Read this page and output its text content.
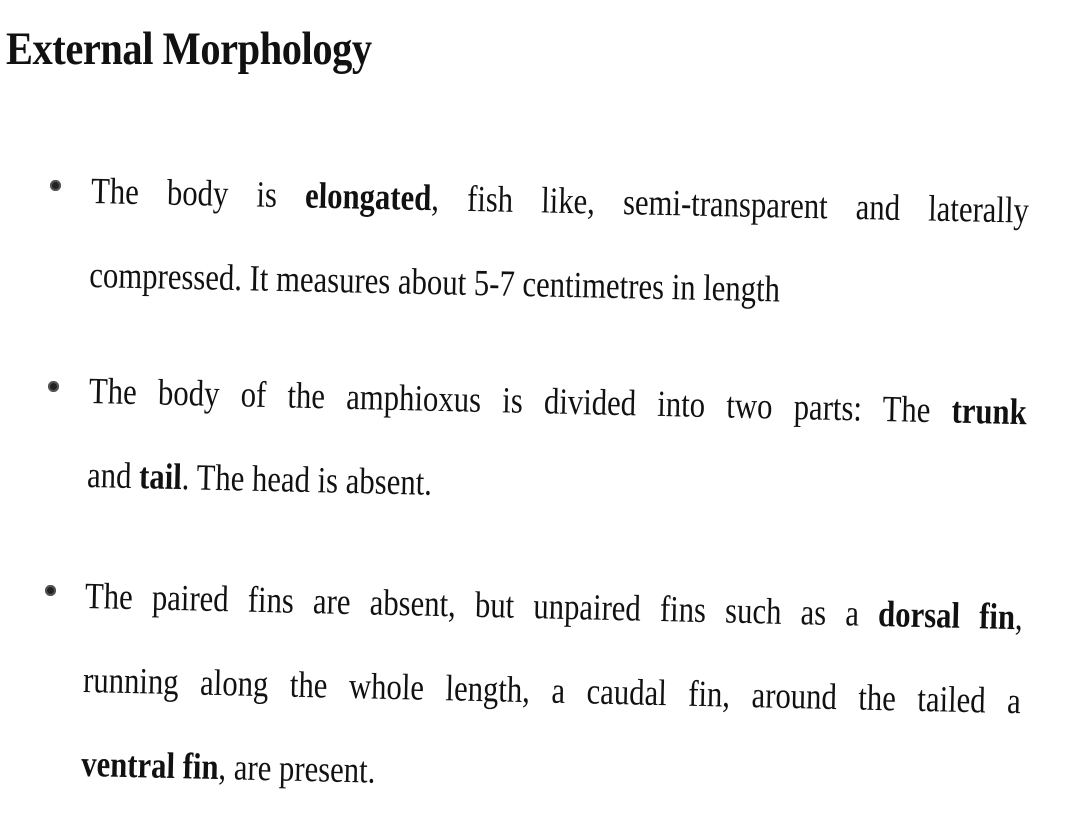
External Morphology
The body is elongated, fish like, semi-transparent and laterally
compressed. It measures about 5-7 centimetres in length
The body of the amphioxus is divided into two parts: The trunk
and tail. The head is absent.
The paired fins are absent, but unpaired fins such as a dorsal fin,
running along the whole length, a caudal fin, around the tailed a
ventral fin, are present.
